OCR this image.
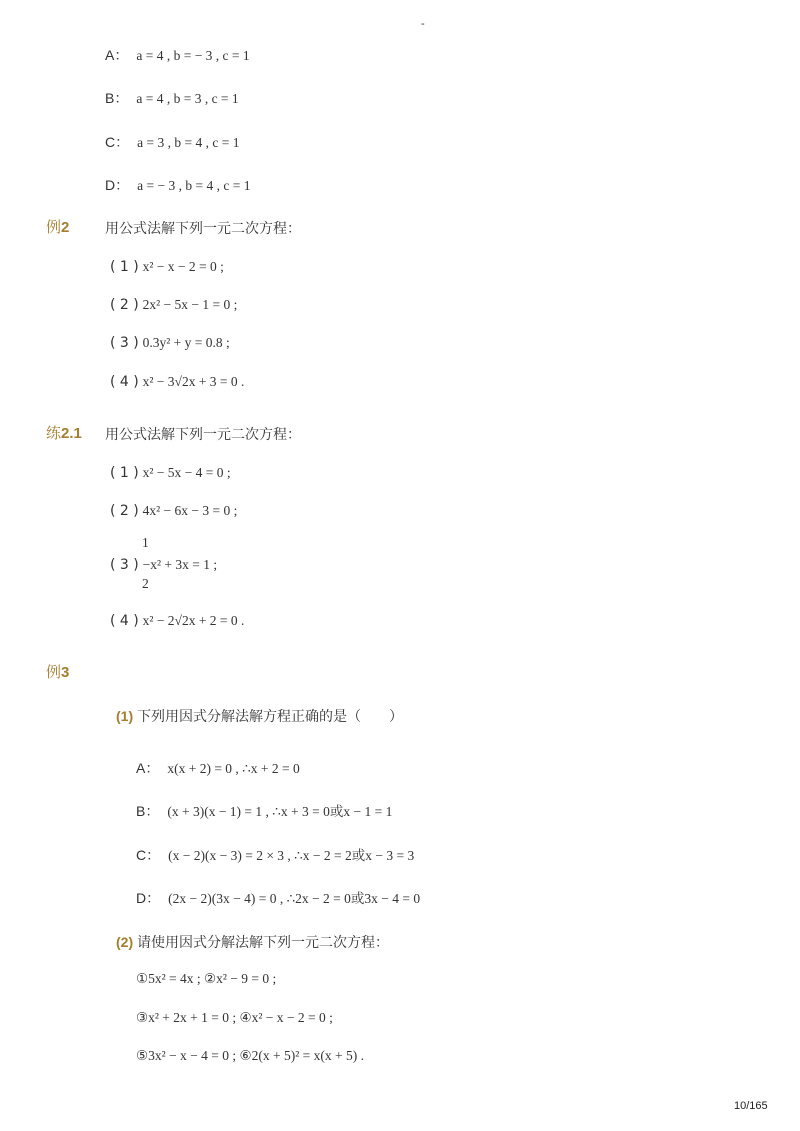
-
A： a = 4 , b = − 3 , c = 1
B： a = 4 , b = 3 , c = 1
C： a = 3 , b = 4 , c = 1
D： a = − 3 , b = 4 , c = 1
例2	用公式法解下列一元二次方程：
( 1 ) x² − x − 2 = 0 ;
( 2 ) 2x² − 5x − 1 = 0 ;
( 3 ) 0.3y² + y = 0.8 ;
( 4 ) x² − 3√2x + 3 = 0 .
练2.1 用公式法解下列一元二次方程：
( 1 ) x² − 5x − 4 = 0 ;
( 2 ) 4x² − 6x − 3 = 0 ;
1
( 3 ) −x² + 3x = 1 ;
2
( 4 ) x² − 2√2x + 2 = 0 .
例3
(1) 下列用因式分解法解方程正确的是（　　）
A： x(x + 2) = 0 , ∴x + 2 = 0
B： (x + 3)(x − 1) = 1 , ∴x + 3 = 0或x − 1 = 1
C： (x − 2)(x − 3) = 2 × 3 , ∴x − 2 = 2或x − 3 = 3
D： (2x − 2)(3x − 4) = 0 , ∴2x − 2 = 0或3x − 4 = 0
(2) 请使用因式分解法解下列一元二次方程：
①5x² = 4x ; ②x² − 9 = 0 ;
③x² + 2x + 1 = 0 ; ④x² − x − 2 = 0 ;
⑤3x² − x − 4 = 0 ; ⑥2(x + 5)² = x(x + 5) .
10/165
